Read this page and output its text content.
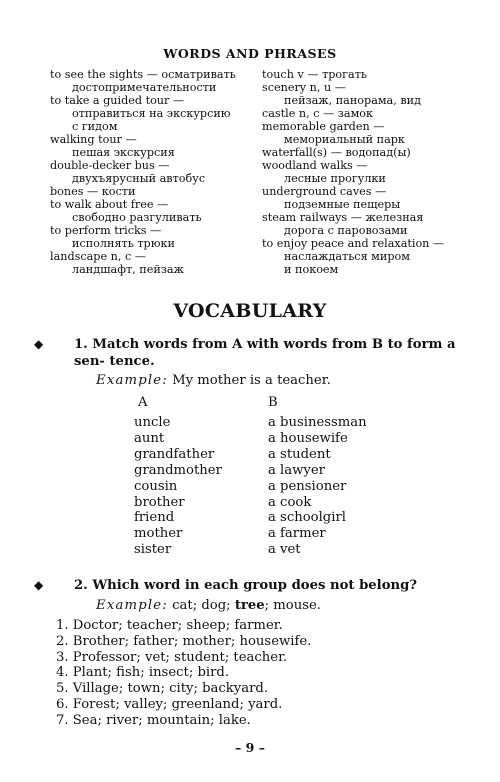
WORDS AND PHRASES
to see the sights — осматривать
достопримечательности
to take a guided tour —
отправиться на экскурсию
с гидом
walking tour —
пешая экскурсия
double-decker bus —
двухъярусный автобус
bones — кости
to walk about free —
свободно разгуливать
to perform tricks —
исполнять трюки
landscape n, c —
ландшафт, пейзаж
touch v — трогать
scenery n, u —
пейзаж, панорама, вид
castle n, c — замок
memorable garden —
мемориальный парк
waterfall(s) — водопад(ы)
woodland walks —
лесные прогулки
underground caves —
подземные пещеры
steam railways — железная
дорога с паровозами
to enjoy peace and relaxation —
наслаждаться миром
и покоем
VOCABULARY
◆ 1. Match words from A with words from B to form a sen- tence.
Example: My mother is a teacher.
A	B
uncle
aunt
grandfather
grandmother
cousin
brother
friend
mother
sister
a businessman
a housewife
a student
a lawyer
a pensioner
a cook
a schoolgirl
a farmer
a vet
◆ 2. Which word in each group does not belong?
Example: cat; dog; tree; mouse.
1. Doctor; teacher; sheep; farmer.
2. Brother; father; mother; housewife.
3. Professor; vet; student; teacher.
4. Plant; fish; insect; bird.
5. Village; town; city; backyard.
6. Forest; valley; greenland; yard.
7. Sea; river; mountain; lake.
– 9 –
